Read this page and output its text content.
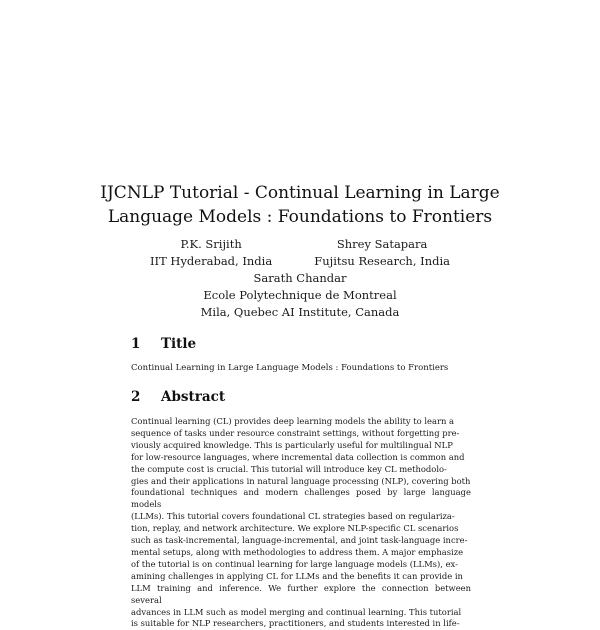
IJCNLP Tutorial - Continual Learning in Large
Language Models : Foundations to Frontiers
P.K. Srijith
IIT Hyderabad, India
Shrey Satapara
Fujitsu Research, India
Sarath Chandar
Ecole Polytechnique de Montreal
Mila, Quebec AI Institute, Canada
1 Title
Continual Learning in Large Language Models : Foundations to Frontiers
2 Abstract
Continual learning (CL) provides deep learning models the ability to learn a
sequence of tasks under resource constraint settings, without forgetting pre-
viously acquired knowledge. This is particularly useful for multilingual NLP
for low-resource languages, where incremental data collection is common and
the compute cost is crucial. This tutorial will introduce key CL methodolo-
gies and their applications in natural language processing (NLP), covering both
foundational techniques and modern challenges posed by large language models
(LLMs). This tutorial covers foundational CL strategies based on regulariza-
tion, replay, and network architecture. We explore NLP-specific CL scenarios
such as task-incremental, language-incremental, and joint task-language incre-
mental setups, along with methodologies to address them. A major emphasize
of the tutorial is on continual learning for large language models (LLMs), ex-
amining challenges in applying CL for LLMs and the benefits it can provide in
LLM training and inference. We further explore the connection between several
advances in LLM such as model merging and continual learning. This tutorial
is suitable for NLP researchers, practitioners, and students interested in life-
